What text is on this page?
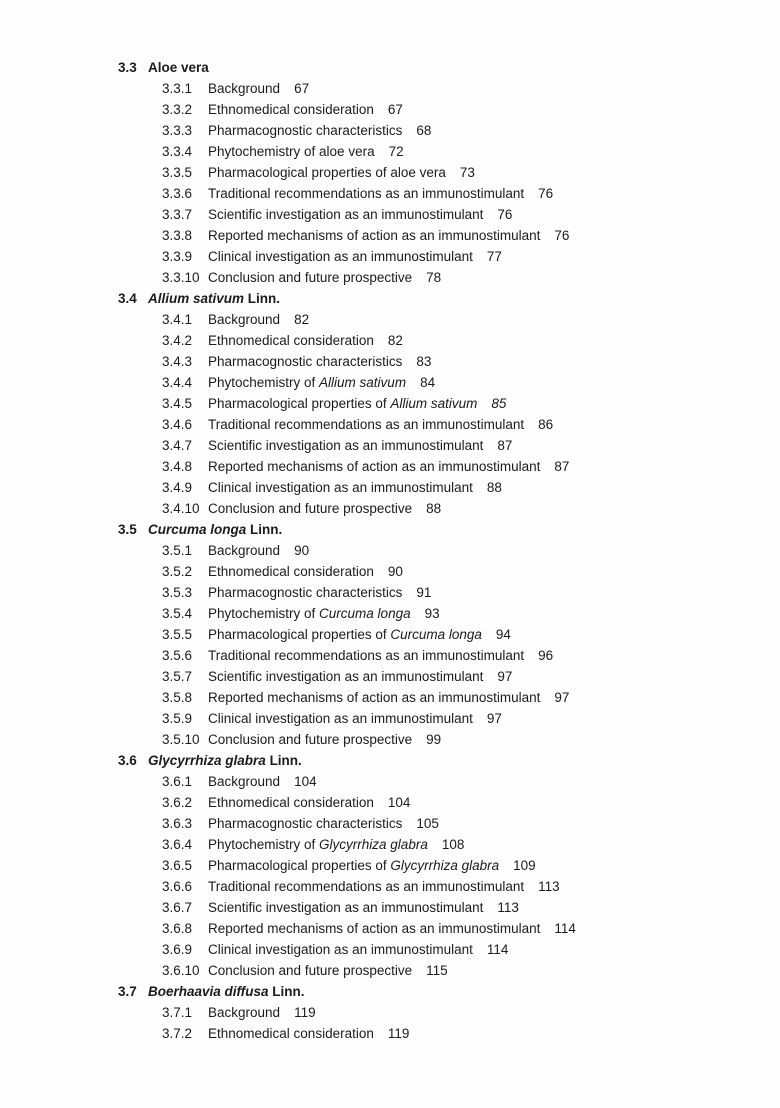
3.3 Aloe vera
3.3.1 Background 67
3.3.2 Ethnomedical consideration 67
3.3.3 Pharmacognostic characteristics 68
3.3.4 Phytochemistry of aloe vera 72
3.3.5 Pharmacological properties of aloe vera 73
3.3.6 Traditional recommendations as an immunostimulant 76
3.3.7 Scientific investigation as an immunostimulant 76
3.3.8 Reported mechanisms of action as an immunostimulant 76
3.3.9 Clinical investigation as an immunostimulant 77
3.3.10 Conclusion and future prospective 78
3.4 Allium sativum Linn.
3.4.1 Background 82
3.4.2 Ethnomedical consideration 82
3.4.3 Pharmacognostic characteristics 83
3.4.4 Phytochemistry of Allium sativum 84
3.4.5 Pharmacological properties of Allium sativum 85
3.4.6 Traditional recommendations as an immunostimulant 86
3.4.7 Scientific investigation as an immunostimulant 87
3.4.8 Reported mechanisms of action as an immunostimulant 87
3.4.9 Clinical investigation as an immunostimulant 88
3.4.10 Conclusion and future prospective 88
3.5 Curcuma longa Linn.
3.5.1 Background 90
3.5.2 Ethnomedical consideration 90
3.5.3 Pharmacognostic characteristics 91
3.5.4 Phytochemistry of Curcuma longa 93
3.5.5 Pharmacological properties of Curcuma longa 94
3.5.6 Traditional recommendations as an immunostimulant 96
3.5.7 Scientific investigation as an immunostimulant 97
3.5.8 Reported mechanisms of action as an immunostimulant 97
3.5.9 Clinical investigation as an immunostimulant 97
3.5.10 Conclusion and future prospective 99
3.6 Glycyrrhiza glabra Linn.
3.6.1 Background 104
3.6.2 Ethnomedical consideration 104
3.6.3 Pharmacognostic characteristics 105
3.6.4 Phytochemistry of Glycyrrhiza glabra 108
3.6.5 Pharmacological properties of Glycyrrhiza glabra 109
3.6.6 Traditional recommendations as an immunostimulant 113
3.6.7 Scientific investigation as an immunostimulant 113
3.6.8 Reported mechanisms of action as an immunostimulant 114
3.6.9 Clinical investigation as an immunostimulant 114
3.6.10 Conclusion and future prospective 115
3.7 Boerhaavia diffusa Linn.
3.7.1 Background 119
3.7.2 Ethnomedical consideration 119
